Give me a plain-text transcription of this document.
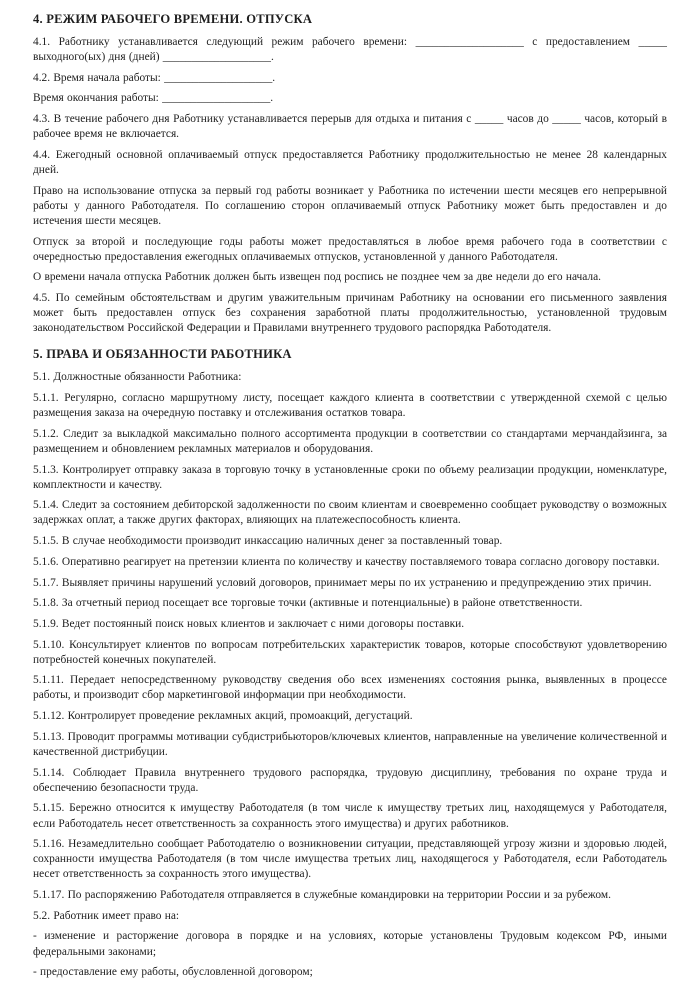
4. РЕЖИМ РАБОЧЕГО ВРЕМЕНИ. ОТПУСКА

4.1. Работнику устанавливается следующий режим рабочего времени: ___________________ с предоставлением _____ выходного(ых) дня (дней) ___________________.

4.2. Время начала работы: ___________________.

Время окончания работы: ___________________.

4.3. В течение рабочего дня Работнику устанавливается перерыв для отдыха и питания с _____ часов до _____ часов, который в рабочее время не включается.

4.4. Ежегодный основной оплачиваемый отпуск предоставляется Работнику продолжительностью не менее 28 календарных дней.

Право на использование отпуска за первый год работы возникает у Работника по истечении шести месяцев его непрерывной работы у данного Работодателя. По соглашению сторон оплачиваемый отпуск Работнику может быть предоставлен и до истечения шести месяцев.

Отпуск за второй и последующие годы работы может предоставляться в любое время рабочего года в соответствии с очередностью предоставления ежегодных оплачиваемых отпусков, установленной у данного Работодателя.

О времени начала отпуска Работник должен быть извещен под роспись не позднее чем за две недели до его начала.

4.5. По семейным обстоятельствам и другим уважительным причинам Работнику на основании его письменного заявления может быть предоставлен отпуск без сохранения заработной платы продолжительностью, установленной трудовым законодательством Российской Федерации и Правилами внутреннего трудового распорядка Работодателя.

5. ПРАВА И ОБЯЗАННОСТИ РАБОТНИКА

5.1. Должностные обязанности Работника:

5.1.1. Регулярно, согласно маршрутному листу, посещает каждого клиента в соответствии с утвержденной схемой с целью размещения заказа на очередную поставку и отслеживания остатков товара.

5.1.2. Следит за выкладкой максимально полного ассортимента продукции в соответствии со стандартами мерчандайзинга, за размещением и обновлением рекламных материалов и оборудования.

5.1.3. Контролирует отправку заказа в торговую точку в установленные сроки по объему реализации продукции, номенклатуре, комплектности и качеству.

5.1.4. Следит за состоянием дебиторской задолженности по своим клиентам и своевременно сообщает руководству о возможных задержках оплат, а также других факторах, влияющих на платежеспособность клиента.

5.1.5. В случае необходимости производит инкассацию наличных денег за поставленный товар.

5.1.6. Оперативно реагирует на претензии клиента по количеству и качеству поставляемого товара согласно договору поставки.

5.1.7. Выявляет причины нарушений условий договоров, принимает меры по их устранению и предупреждению этих причин.

5.1.8. За отчетный период посещает все торговые точки (активные и потенциальные) в районе ответственности.

5.1.9. Ведет постоянный поиск новых клиентов и заключает с ними договоры поставки.

5.1.10. Консультирует клиентов по вопросам потребительских характеристик товаров, которые способствуют удовлетворению потребностей конечных покупателей.

5.1.11. Передает непосредственному руководству сведения обо всех изменениях состояния рынка, выявленных в процессе работы, и производит сбор маркетинговой информации при необходимости.

5.1.12. Контролирует проведение рекламных акций, промоакций, дегустаций.

5.1.13. Проводит программы мотивации субдистрибьюторов/ключевых клиентов, направленные на увеличение количественной и качественной дистрибуции.

5.1.14. Соблюдает Правила внутреннего трудового распорядка, трудовую дисциплину, требования по охране труда и обеспечению безопасности труда.

5.1.15. Бережно относится к имуществу Работодателя (в том числе к имуществу третьих лиц, находящемуся у Работодателя, если Работодатель несет ответственность за сохранность этого имущества) и других работников.

5.1.16. Незамедлительно сообщает Работодателю о возникновении ситуации, представляющей угрозу жизни и здоровью людей, сохранности имущества Работодателя (в том числе имущества третьих лиц, находящегося у Работодателя, если Работодатель несет ответственность за сохранность этого имущества).

5.1.17. По распоряжению Работодателя отправляется в служебные командировки на территории России и за рубежом.

5.2. Работник имеет право на:

- изменение и расторжение договора в порядке и на условиях, которые установлены Трудовым кодексом РФ, иными федеральными законами;

- предоставление ему работы, обусловленной договором;
